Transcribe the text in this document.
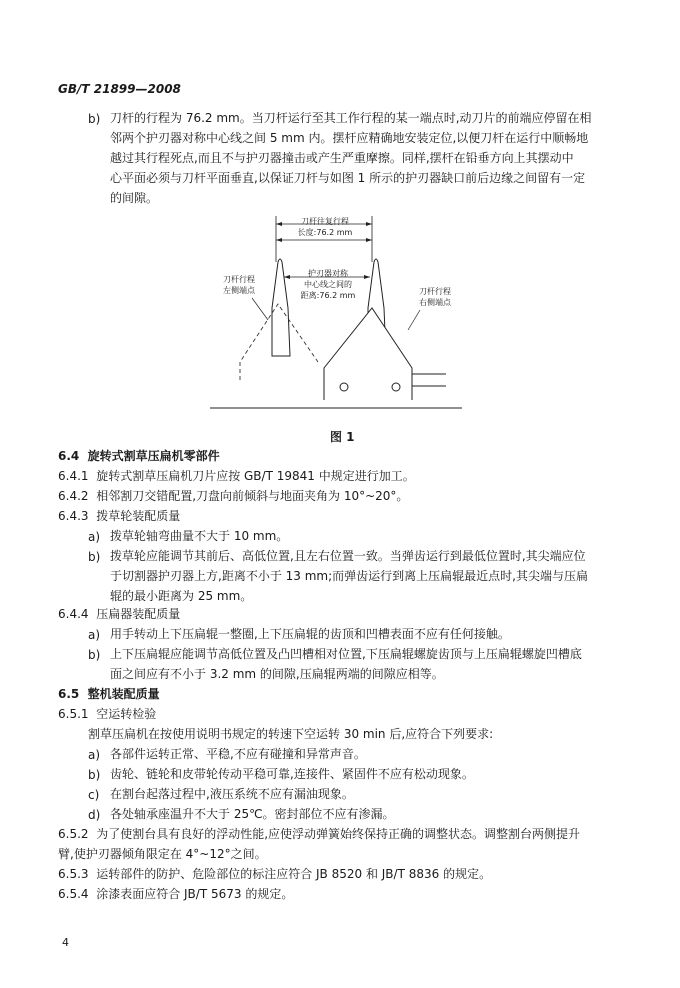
GB/T 21899—2008
b) 刀杆的行程为 76.2 mm。当刀杆运行至其工作行程的某一端点时,动刀片的前端应停留在相
邻两个护刃器对称中心线之间 5 mm 内。摆杆应精确地安装定位,以便刀杆在运行中顺畅地
越过其行程死点,而且不与护刃器撞击或产生严重摩擦。同样,摆杆在铅垂方向上其摆动中
心平面必须与刀杆平面垂直,以保证刀杆与如图 1 所示的护刃器缺口前后边缘之间留有一定
的间隙。
刀杆往复行程
长度:76.2 mm
护刃器对称
中心线之间的
距离:76.2 mm
刀杆行程
左侧端点	刀杆行程
右侧端点
图 1
6.4 旋转式割草压扁机零部件
6.4.1 旋转式割草压扁机刀片应按 GB/T 19841 中规定进行加工。
6.4.2 相邻割刀交错配置,刀盘向前倾斜与地面夹角为 10°~20°。
6.4.3 拨草轮装配质量
a) 拨草轮轴弯曲量不大于 10 mm。
b) 拨草轮应能调节其前后、高低位置,且左右位置一致。当弹齿运行到最低位置时,其尖端应位
于切割器护刃器上方,距离不小于 13 mm;而弹齿运行到离上压扁辊最近点时,其尖端与压扁
辊的最小距离为 25 mm。
6.4.4 压扁器装配质量
a) 用手转动上下压扁辊一整圈,上下压扁辊的齿顶和凹槽表面不应有任何接触。
b) 上下压扁辊应能调节高低位置及凸凹槽相对位置,下压扁辊螺旋齿顶与上压扁辊螺旋凹槽底
面之间应有不小于 3.2 mm 的间隙,压扁辊两端的间隙应相等。
6.5 整机装配质量
6.5.1 空运转检验
割草压扁机在按使用说明书规定的转速下空运转 30 min 后,应符合下列要求:
a) 各部件运转正常、平稳,不应有碰撞和异常声音。
b) 齿轮、链轮和皮带轮传动平稳可靠,连接件、紧固件不应有松动现象。
c) 在割台起落过程中,液压系统不应有漏油现象。
d) 各处轴承座温升不大于 25℃。密封部位不应有渗漏。
6.5.2 为了使割台具有良好的浮动性能,应使浮动弹簧始终保持正确的调整状态。调整割台两侧提升
臂,使护刃器倾角限定在 4°~12°之间。
6.5.3 运转部件的防护、危险部位的标注应符合 JB 8520 和 JB/T 8836 的规定。
6.5.4 涂漆表面应符合 JB/T 5673 的规定。
4
